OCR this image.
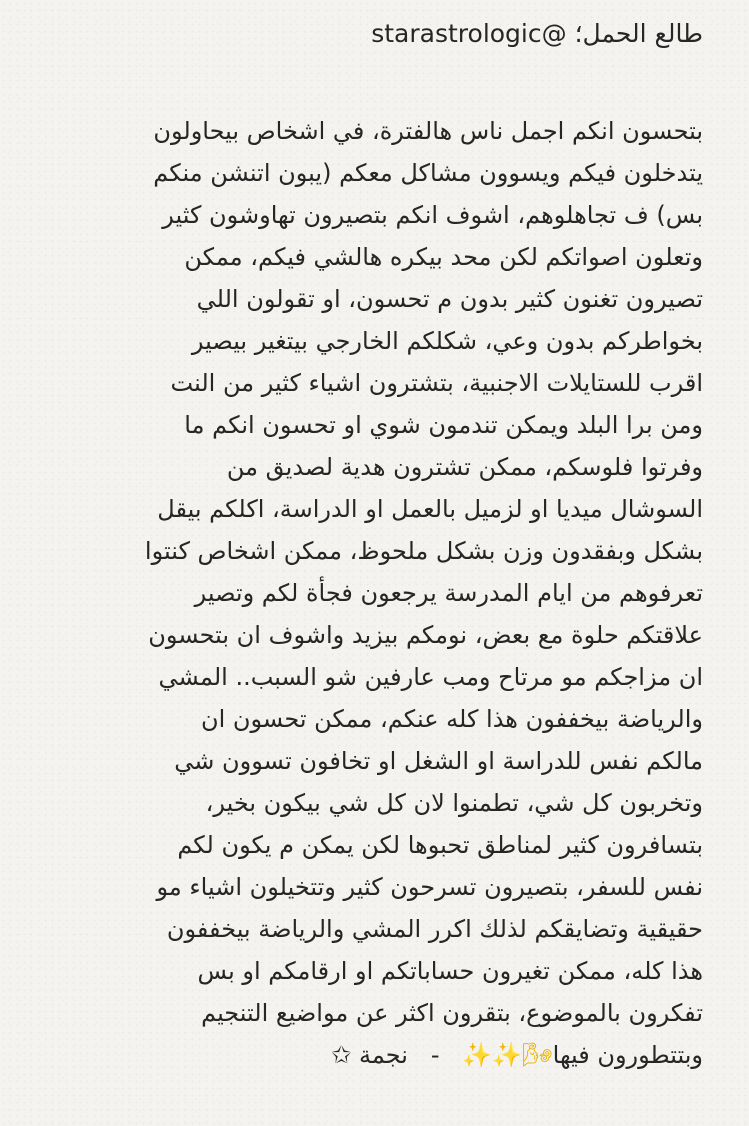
طالع الحمل؛ @starastrologic
بتحسون انكم اجمل ناس هالفترة، في اشخاص بيحاولون
يتدخلون فيكم ويسوون مشاكل معكم (يبون اتنشن منكم
بس) ف تجاهلوهم، اشوف انكم بتصيرون تهاوشون كثير
وتعلون اصواتكم لكن محد بيكره هالشي فيكم، ممكن
تصيرون تغنون كثير بدون م تحسون، او تقولون اللي
بخواطركم بدون وعي، شكلكم الخارجي بيتغير بيصير
اقرب للستايلات الاجنبية، بتشترون اشياء كثير من النت
ومن برا البلد ويمكن تندمون شوي او تحسون انكم ما
وفرتوا فلوسكم، ممكن تشترون هدية لصديق من
السوشال ميديا او لزميل بالعمل او الدراسة، اكلكم بيقل
بشكل وبفقدون وزن بشكل ملحوظ، ممكن اشخاص كنتوا
تعرفوهم من ايام المدرسة يرجعون فجأة لكم وتصير
علاقتكم حلوة مع بعض، نومكم بيزيد واشوف ان بتحسون
ان مزاجكم مو مرتاح ومب عارفين شو السبب.. المشي
والرياضة بيخففون هذا كله عنكم، ممكن تحسون ان
مالكم نفس للدراسة او الشغل او تخافون تسوون شي
وتخربون كل شي، تطمنوا لان كل شي بيكون بخير،
بتسافرون كثير لمناطق تحبوها لكن يمكن م يكون لكم
نفس للسفر، بتصيرون تسرحون كثير وتتخيلون اشياء مو
حقيقية وتضايقكم لذلك اكرر المشي والرياضة بيخففون
هذا كله، ممكن تغيرون حساباتكم او ارقامكم او بس
تفكرون بالموضوع، بتقرون اكثر عن مواضيع التنجيم
وبتتطورون فيها🌬✨✨   -   نجمة ✩
